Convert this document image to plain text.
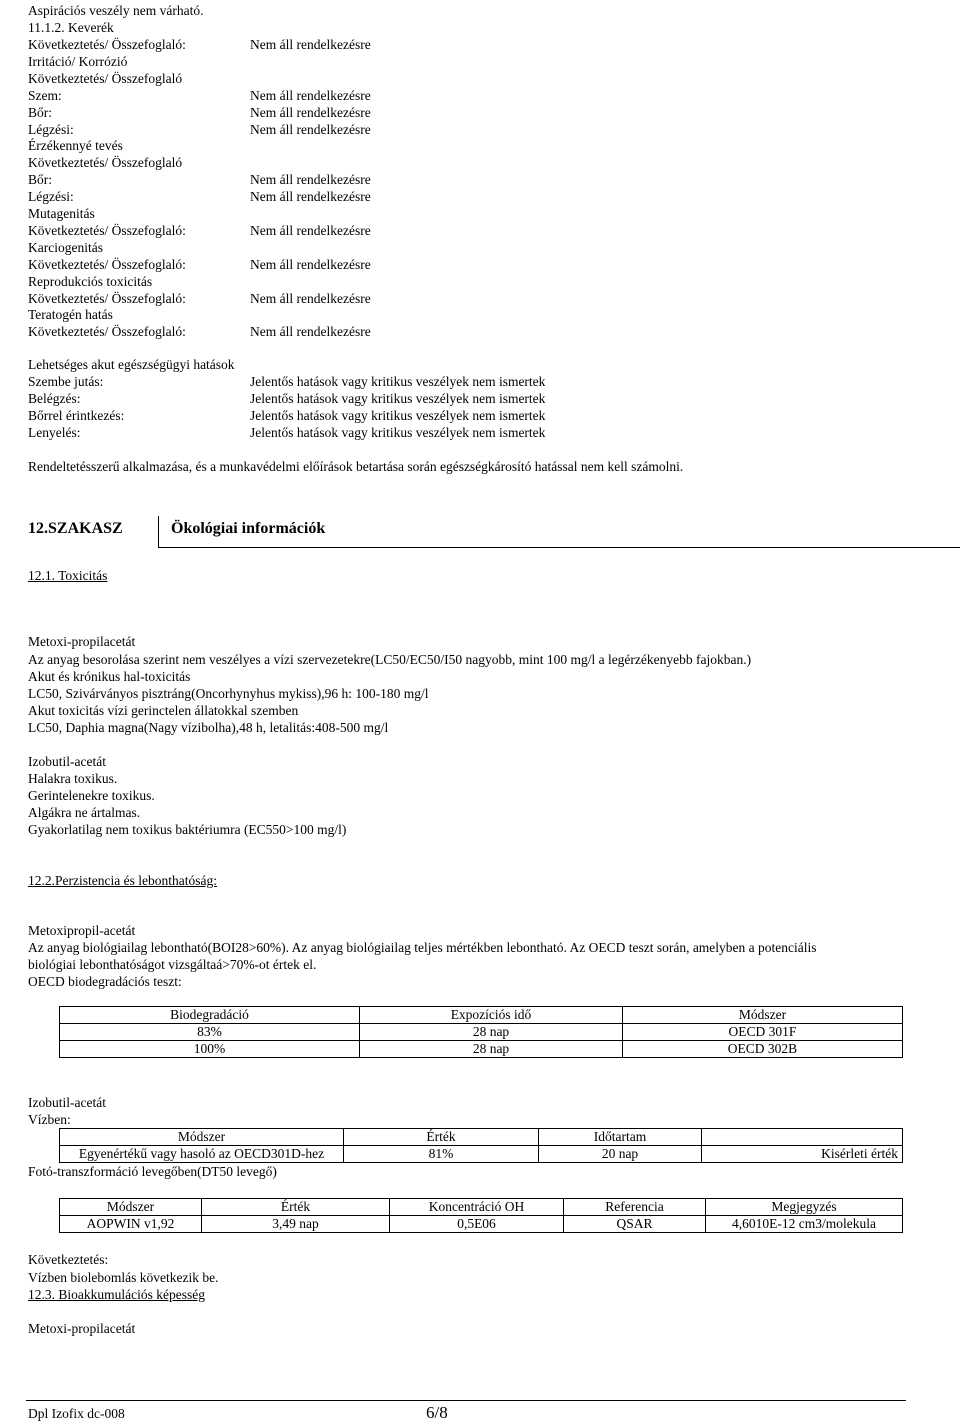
Aspirációs veszély nem várható.
11.1.2. Keverék
Következtetés/ Összefoglaló:	Nem áll rendelkezésre
Irritáció/ Korrózió
Következtetés/ Összefoglaló
Szem:	Nem áll rendelkezésre
Bőr:	Nem áll rendelkezésre
Légzési:	Nem áll rendelkezésre
Érzékennyé tevés
Következtetés/ Összefoglaló
Bőr:	Nem áll rendelkezésre
Légzési:	Nem áll rendelkezésre
Mutagenitás
Következtetés/ Összefoglaló:	Nem áll rendelkezésre
Karciogenitás
Következtetés/ Összefoglaló:	Nem áll rendelkezésre
Reprodukciós toxicitás
Következtetés/ Összefoglaló:	Nem áll rendelkezésre
Teratogén hatás
Következtetés/ Összefoglaló:	Nem áll rendelkezésre
Lehetséges akut egészségügyi hatások
Szembe jutás:	Jelentős hatások vagy kritikus veszélyek nem ismertek
Belégzés:	Jelentős hatások vagy kritikus veszélyek nem ismertek
Bőrrel érintkezés:	Jelentős hatások vagy kritikus veszélyek nem ismertek
Lenyelés:	Jelentős hatások vagy kritikus veszélyek nem ismertek
Rendeltetésszerű alkalmazása, és a munkavédelmi előírások betartása során egészségkárosító hatással nem kell számolni.
12.SZAKASZ	Ökológiai információk
12.1. Toxicitás
Metoxi-propilacetát
Az anyag besorolása szerint nem veszélyes a vízi szervezetekre(LC50/EC50/I50 nagyobb, mint 100 mg/l a legérzékenyebb fajokban.)
Akut és krónikus hal-toxicitás
LC50, Szivárványos pisztráng(Oncorhynyhus mykiss),96 h: 100-180 mg/l
Akut toxicitás vízi gerinctelen állatokkal szemben
LC50, Daphia magna(Nagy vízibolha),48 h, letalitás:408-500 mg/l
Izobutil-acetát
Halakra toxikus.
Gerintelenekre toxikus.
Algákra ne ártalmas.
Gyakorlatilag nem toxikus baktériumra (EC550>100 mg/l)
12.2.Perzistencia és lebonthatóság:
Metoxipropil-acetát
Az anyag biológiailag lebontható(BOI28>60%). Az anyag biológiailag teljes mértékben lebontható. Az OECD teszt során, amelyben a potenciális
biológiai lebonthatóságot vizsgáltaá>70%-ot értek el.
OECD biodegradációs teszt:
Biodegradáció	Expozíciós idő	Módszer
83%	28 nap	OECD 301F
100%	28 nap	OECD 302B
Izobutil-acetát
Vízben:
Módszer	Érték	Időtartam	
Egyenértékű vagy hasoló az OECD301D-hez	81%	20 nap	Kisérleti érték
Fotó-transzformáció levegőben(DT50 levegő)
Módszer	Érték	Koncentráció OH	Referencia	Megjegyzés
AOPWIN v1,92	3,49 nap	0,5E06	QSAR	4,6010E-12 cm3/molekula
Következtetés:
Vízben biolebomlás következik be.
12.3. Bioakkumulációs képesség
Metoxi-propilacetát
Dpl Izofix dc-008	6/8
